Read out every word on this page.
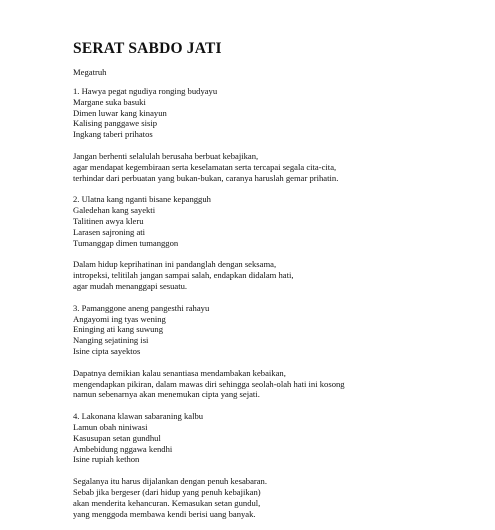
SERAT SABDO JATI
Megatruh
1. Hawya pegat ngudiya ronging budyayu
Margane suka basuki
Dimen luwar kang kinayun
Kalising panggawe sisip
Ingkang taberi prihatos
Jangan berhenti selalulah berusaha berbuat kebajikan,
agar mendapat kegembiraan serta keselamatan serta tercapai segala cita-cita,
terhindar dari perbuatan yang bukan-bukan, caranya haruslah gemar prihatin.
2. Ulatna kang nganti bisane kepangguh
Galedehan kang sayekti
Talitinen awya kleru
Larasen sajroning ati
Tumanggap dimen tumanggon
Dalam hidup keprihatinan ini pandanglah dengan seksama,
intropeksi, telitilah jangan sampai salah, endapkan didalam hati,
agar mudah menanggapi sesuatu.
3. Pamanggone aneng pangesthi rahayu
Angayomi ing tyas wening
Eninging ati kang suwung
Nanging sejatining isi
Isine cipta sayektos
Dapatnya demikian kalau senantiasa mendambakan kebaikan,
mengendapkan pikiran, dalam mawas diri sehingga seolah-olah hati ini kosong
namun sebenarnya akan menemukan cipta yang sejati.
4. Lakonana klawan sabaraning kalbu
Lamun obah niniwasi
Kasusupan setan gundhul
Ambebidung nggawa kendhi
Isine rupiah kethon
Segalanya itu harus dijalankan dengan penuh kesabaran.
Sebab jika bergeser (dari hidup yang penuh kebajikan)
akan menderita kehancuran. Kemasukan setan gundul,
yang menggoda membawa kendi berisi uang banyak.
